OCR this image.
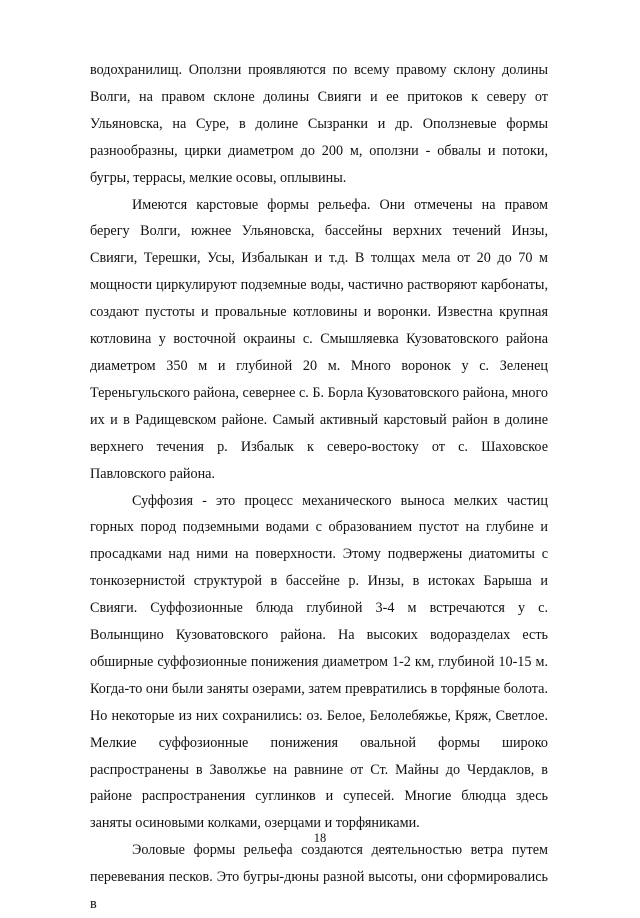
водохранилищ. Оползни проявляются по всему правому склону долины Волги, на правом склоне долины Свияги и ее притоков к северу от Ульяновска, на Суре, в долине Сызранки и др. Оползневые формы разнообразны, цирки диаметром до 200 м, оползни - обвалы и потоки, бугры, террасы, мелкие осовы, оплывины.

Имеются карстовые формы рельефа. Они отмечены на правом берегу Волги, южнее Ульяновска, бассейны верхних течений Инзы, Свияги, Терешки, Усы, Избалыкан и т.д. В толщах мела от 20 до 70 м мощности циркулируют подземные воды, частично растворяют карбонаты, создают пустоты и провальные котловины и воронки. Известна крупная котловина у восточной окраины с. Смышляевка Кузоватовского района диаметром 350 м и глубиной 20 м. Много воронок у с. Зеленец Тереньгульского района, севернее с. Б. Борла Кузоватовского района, много их и в Радищевском районе. Самый активный карстовый район в долине верхнего течения р. Избалык к северо-востоку от с. Шаховское Павловского района.

Суффозия - это процесс механического выноса мелких частиц горных пород подземными водами с образованием пустот на глубине и просадками над ними на поверхности. Этому подвержены диатомиты с тонкозернистой структурой в бассейне р. Инзы, в истоках Барыша и Свияги. Суффозионные блюда глубиной 3-4 м встречаются у с. Волынщино Кузоватовского района. На высоких водоразделах есть обширные суффозионные понижения диаметром 1-2 км, глубиной 10-15 м. Когда-то они были заняты озерами, затем превратились в торфяные болота. Но некоторые из них сохранились: оз. Белое, Белолебяжье, Кряж, Светлое. Мелкие суффозионные понижения овальной формы широко распространены в Заволжье на равнине от Ст. Майны до Чердаклов, в районе распространения суглинков и супесей. Многие блюдца здесь заняты осиновыми колками, озерцами и торфяниками.

Эоловые формы рельефа создаются деятельностью ветра путем перевевания песков. Это бугры-дюны разной высоты, они сформировались в

18
